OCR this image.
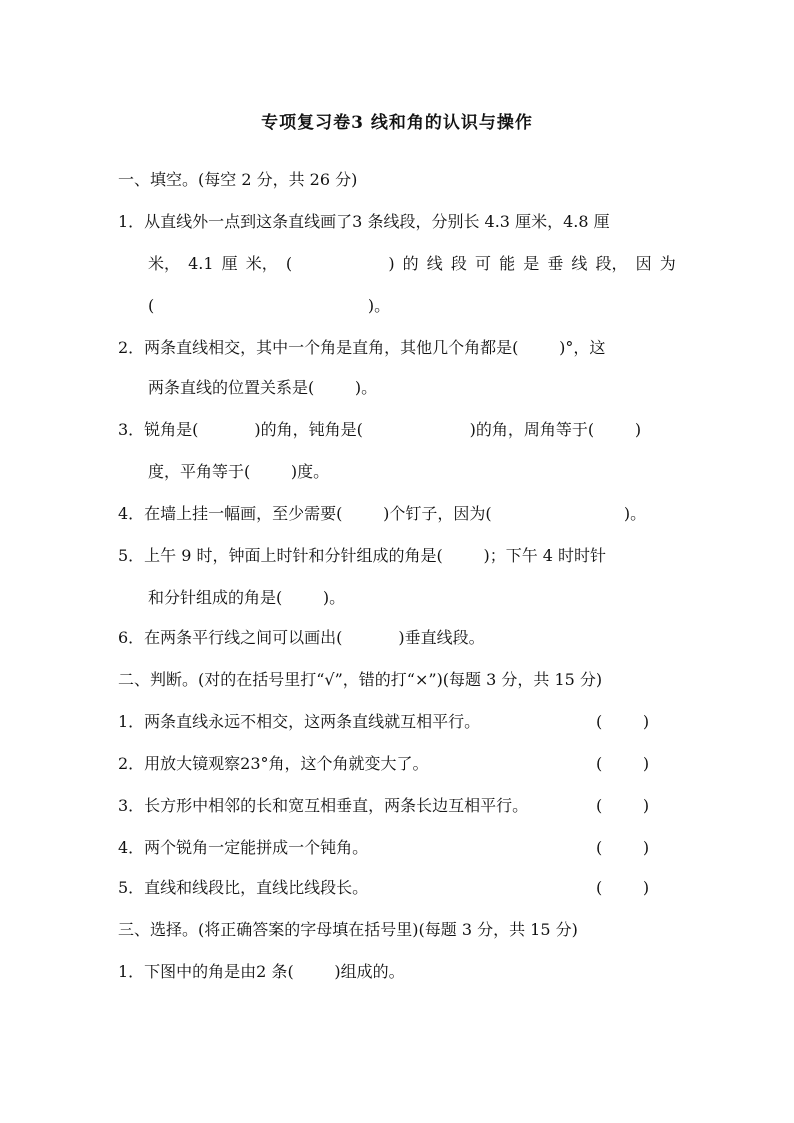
专项复习卷3 线和角的认识与操作
一、填空。(每空 2 分，共 26 分)
1．从直线外一点到这条直线画了3 条线段，分别长 4.3 厘米，4.8 厘
米， 4.1 厘 米， (	) 的 线 段 可 能 是 垂 线 段， 因 为
(                                          )。
2．两条直线相交，其中一个角是直角，其他几个角都是(        )°，这
两条直线的位置关系是(        )。
3．锐角是(           )的角，钝角是(                     )的角，周角等于(        )
度，平角等于(        )度。
4．在墙上挂一幅画，至少需要(        )个钉子，因为(                          )。
5．上午 9 时，钟面上时针和分针组成的角是(        )；下午 4 时时针
和分针组成的角是(        )。
6．在两条平行线之间可以画出(           )垂直线段。
二、判断。(对的在括号里打“√”，错的打“×”)(每题 3 分，共 15 分)
1．两条直线永远不相交，这两条直线就互相平行。	(        )
2．用放大镜观察23°角，这个角就变大了。	(        )
3．长方形中相邻的长和宽互相垂直，两条长边互相平行。	(        )
4．两个锐角一定能拼成一个钝角。	(        )
5．直线和线段比，直线比线段长。	(        )
三、选择。(将正确答案的字母填在括号里)(每题 3 分，共 15 分)
1．下图中的角是由2 条(        )组成的。
